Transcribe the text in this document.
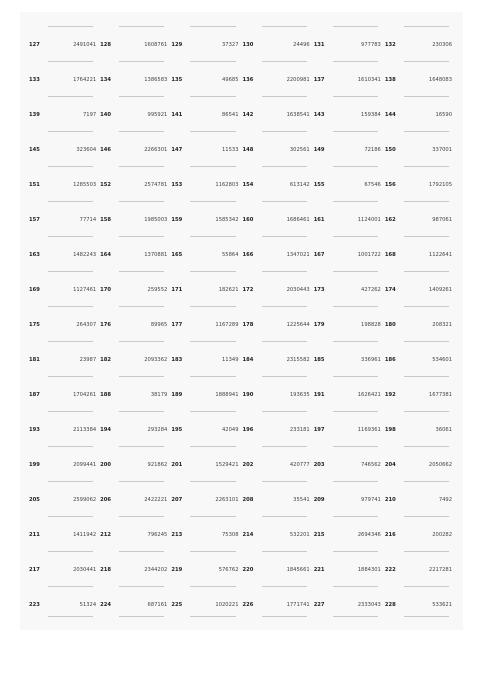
127	2491041 128	1608761 129	37327 130	24496 131	977783 132	230306
133	1764221 134	1386583 135	49685 136	2200981 137	1610341 138	1648083
139	7197 140	995921 141	86541 142	1638541 143	159384 144	16590
145	323604 146	2266301 147	11533 148	302561 149	72186 150	337001
151	1285503 152	2574781 153	1162803 154	613142 155	67546 156	1792105
157	77714 158	1985003 159	1585342 160	1686461 161	1124001 162	987061
163	1482243 164	1370881 165	55864 166	1347021 167	1001722 168	1122641
169	1127461 170	259552 171	182621 172	2030443 173	427262 174	1409261
175	264307 176	89965 177	1167289 178	1225644 179	198828 180	208321
181	23987 182	2093362 183	11349 184	2315582 185	336961 186	534601
187	1704261 188	38179 189	1888941 190	193635 191	1626421 192	1677381
193	2113384 194	293284 195	42049 196	233181 197	1169361 198	36061
199	2099441 200	921862 201	1529421 202	420777 203	746562 204	2050662
205	2599062 206	2422221 207	2263101 208	35541 209	979741 210	7492
211	1411942 212	796245 213	75308 214	532201 215	2694346 216	200282
217	2030441 218	2344202 219	576762 220	1845661 221	1884301 222	2217281
223	51324 224	687161 225	1020221 226	1771741 227	2333043 228	533621
